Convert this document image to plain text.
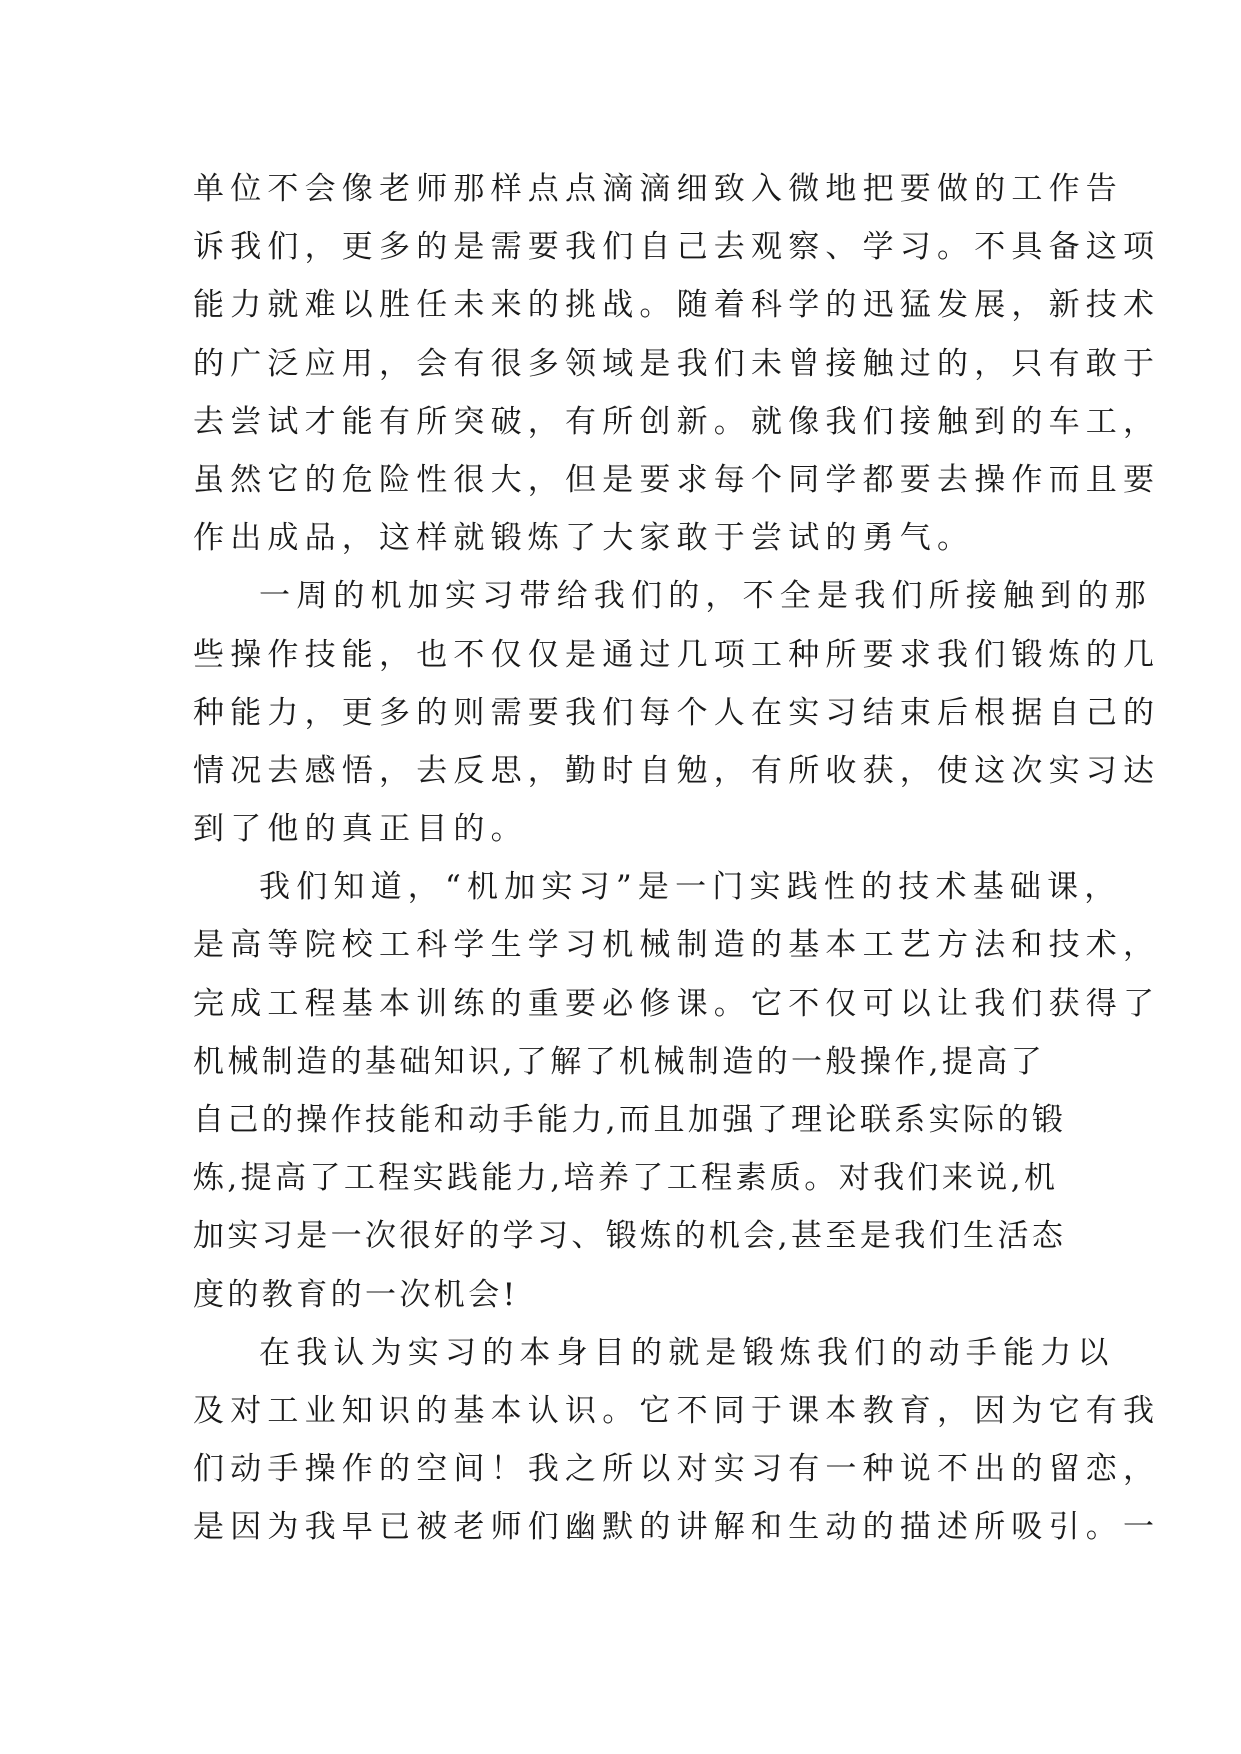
单位不会像老师那样点点滴滴细致入微地把要做的工作告
诉我们，更多的是需要我们自己去观察、学习。不具备这项
能力就难以胜任未来的挑战。随着科学的迅猛发展，新技术
的广泛应用，会有很多领域是我们未曾接触过的，只有敢于
去尝试才能有所突破，有所创新。就像我们接触到的车工，
虽然它的危险性很大，但是要求每个同学都要去操作而且要
作出成品，这样就锻炼了大家敢于尝试的勇气。
一周的机加实习带给我们的，不全是我们所接触到的那
些操作技能，也不仅仅是通过几项工种所要求我们锻炼的几
种能力，更多的则需要我们每个人在实习结束后根据自己的
情况去感悟，去反思，勤时自勉，有所收获，使这次实习达
到了他的真正目的。
我们知道，“机加实习”是一门实践性的技术基础课，
是高等院校工科学生学习机械制造的基本工艺方法和技术，
完成工程基本训练的重要必修课。它不仅可以让我们获得了
机械制造的基础知识,了解了机械制造的一般操作,提高了
自己的操作技能和动手能力,而且加强了理论联系实际的锻
炼,提高了工程实践能力,培养了工程素质。对我们来说,机
加实习是一次很好的学习、锻炼的机会,甚至是我们生活态
度的教育的一次机会!
在我认为实习的本身目的就是锻炼我们的动手能力以
及对工业知识的基本认识。它不同于课本教育，因为它有我
们动手操作的空间！我之所以对实习有一种说不出的留恋，
是因为我早已被老师们幽默的讲解和生动的描述所吸引。一
